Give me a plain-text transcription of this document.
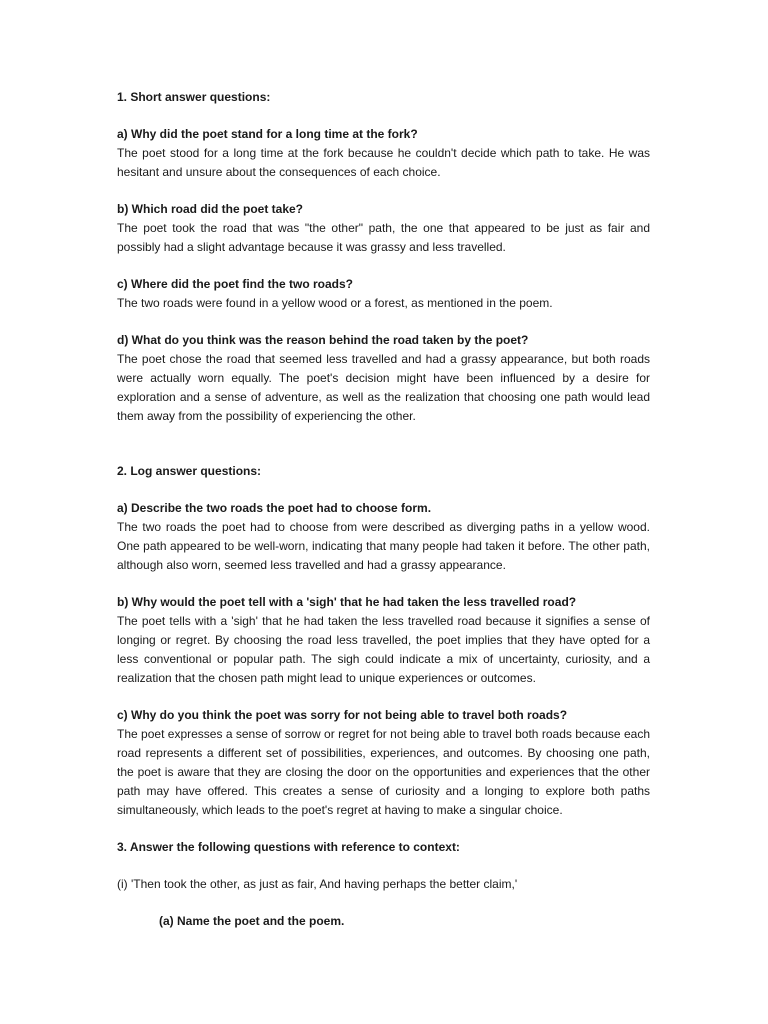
1. Short answer questions:

a) Why did the poet stand for a long time at the fork?

The poet stood for a long time at the fork because he couldn't decide which path to take. He was hesitant and unsure about the consequences of each choice.

b) Which road did the poet take?

The poet took the road that was "the other" path, the one that appeared to be just as fair and possibly had a slight advantage because it was grassy and less travelled.

c) Where did the poet find the two roads?

The two roads were found in a yellow wood or a forest, as mentioned in the poem.

d) What do you think was the reason behind the road taken by the poet?

The poet chose the road that seemed less travelled and had a grassy appearance, but both roads were actually worn equally. The poet's decision might have been influenced by a desire for exploration and a sense of adventure, as well as the realization that choosing one path would lead them away from the possibility of experiencing the other.

2. Log answer questions:

a) Describe the two roads the poet had to choose form.

The two roads the poet had to choose from were described as diverging paths in a yellow wood. One path appeared to be well-worn, indicating that many people had taken it before. The other path, although also worn, seemed less travelled and had a grassy appearance.

b) Why would the poet tell with a 'sigh' that he had taken the less travelled road?

The poet tells with a 'sigh' that he had taken the less travelled road because it signifies a sense of longing or regret. By choosing the road less travelled, the poet implies that they have opted for a less conventional or popular path. The sigh could indicate a mix of uncertainty, curiosity, and a realization that the chosen path might lead to unique experiences or outcomes.

c) Why do you think the poet was sorry for not being able to travel both roads?

The poet expresses a sense of sorrow or regret for not being able to travel both roads because each road represents a different set of possibilities, experiences, and outcomes. By choosing one path, the poet is aware that they are closing the door on the opportunities and experiences that the other path may have offered. This creates a sense of curiosity and a longing to explore both paths simultaneously, which leads to the poet's regret at having to make a singular choice.

3. Answer the following questions with reference to context:

(i) 'Then took the other, as just as fair, And having perhaps the better claim,'

(a) Name the poet and the poem.
